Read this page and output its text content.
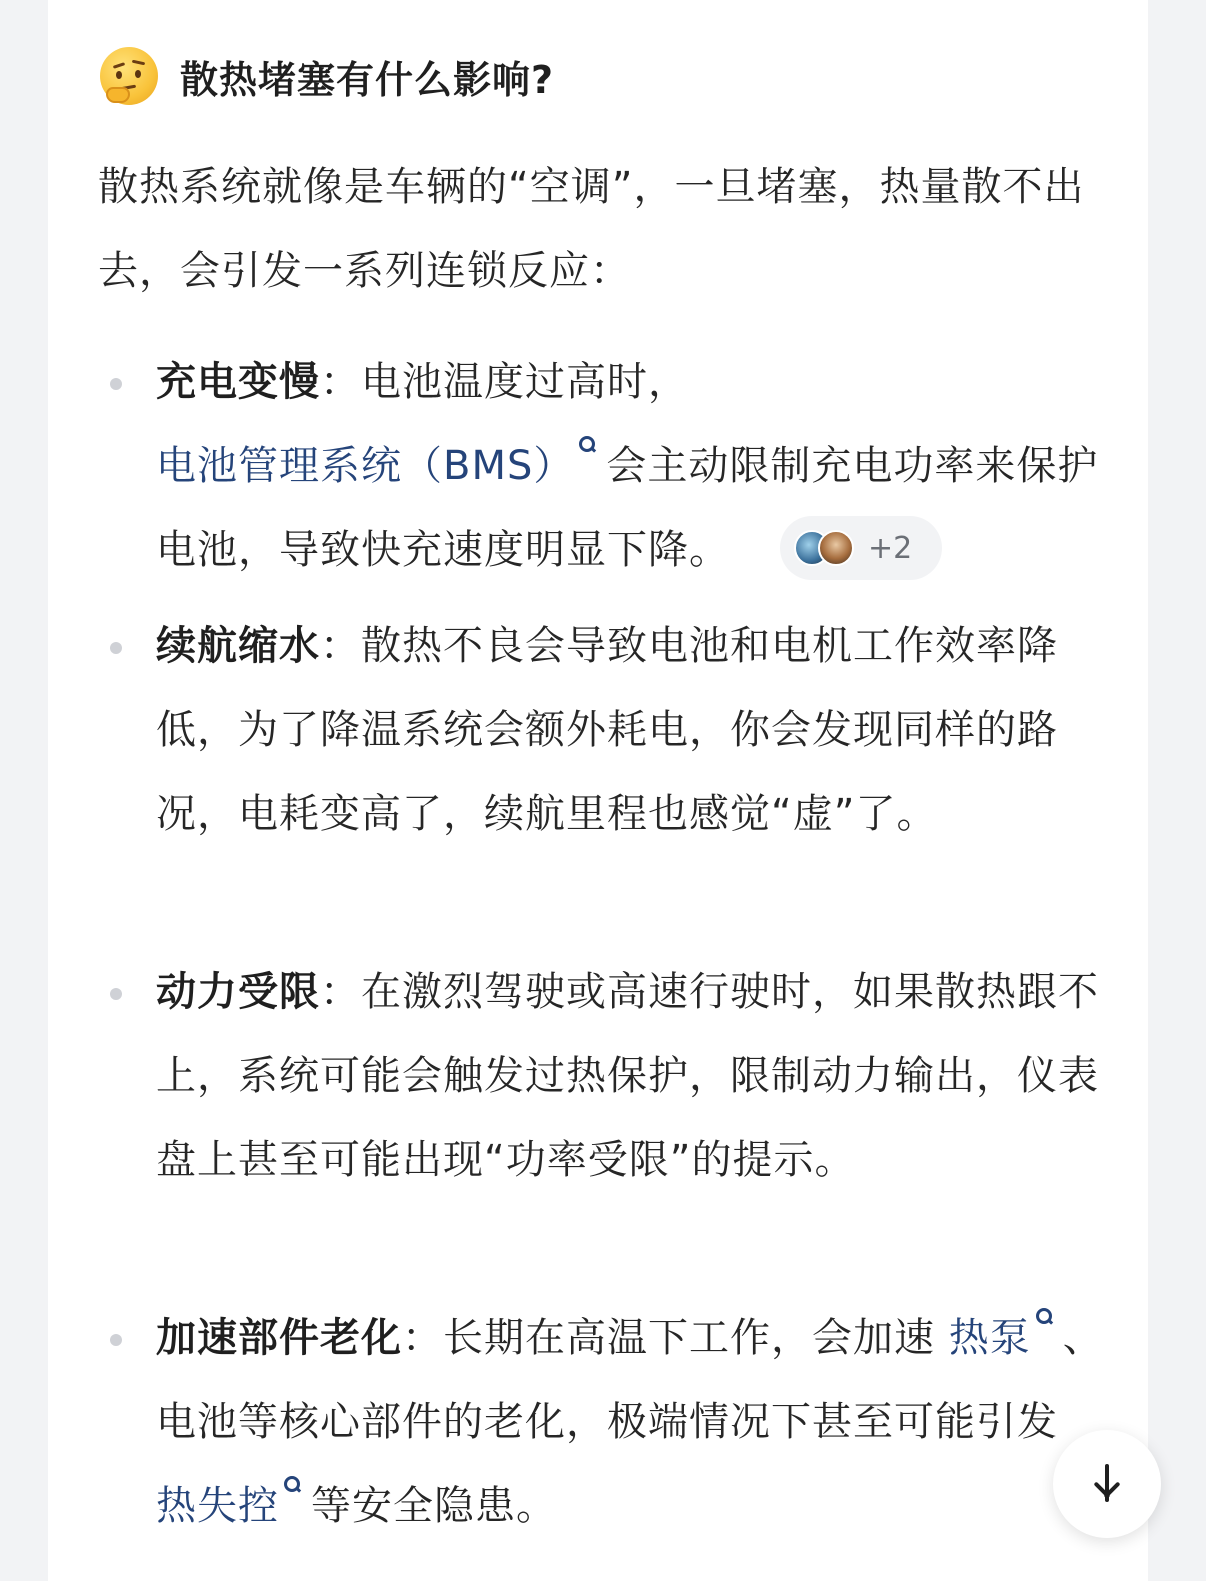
散热堵塞有什么影响?
散热系统就像是车辆的“空调”，一旦堵塞，热量散不出去，会引发一系列连锁反应：
充电变慢：电池温度过高时， 电池管理系统（BMS） 会主动限制充电功率来保护电池，导致快充速度明显下降。	+2
续航缩水：散热不良会导致电池和电机工作效率降低，为了降温系统会额外耗电，你会发现同样的路况，电耗变高了，续航里程也感觉“虚”了。
动力受限：在激烈驾驶或高速行驶时，如果散热跟不上，系统可能会触发过热保护，限制动力输出，仪表盘上甚至可能出现“功率受限”的提示。
加速部件老化：长期在高温下工作，会加速 热泵 、电池等核心部件的老化，极端情况下甚至可能引发 热失控 等安全隐患。
